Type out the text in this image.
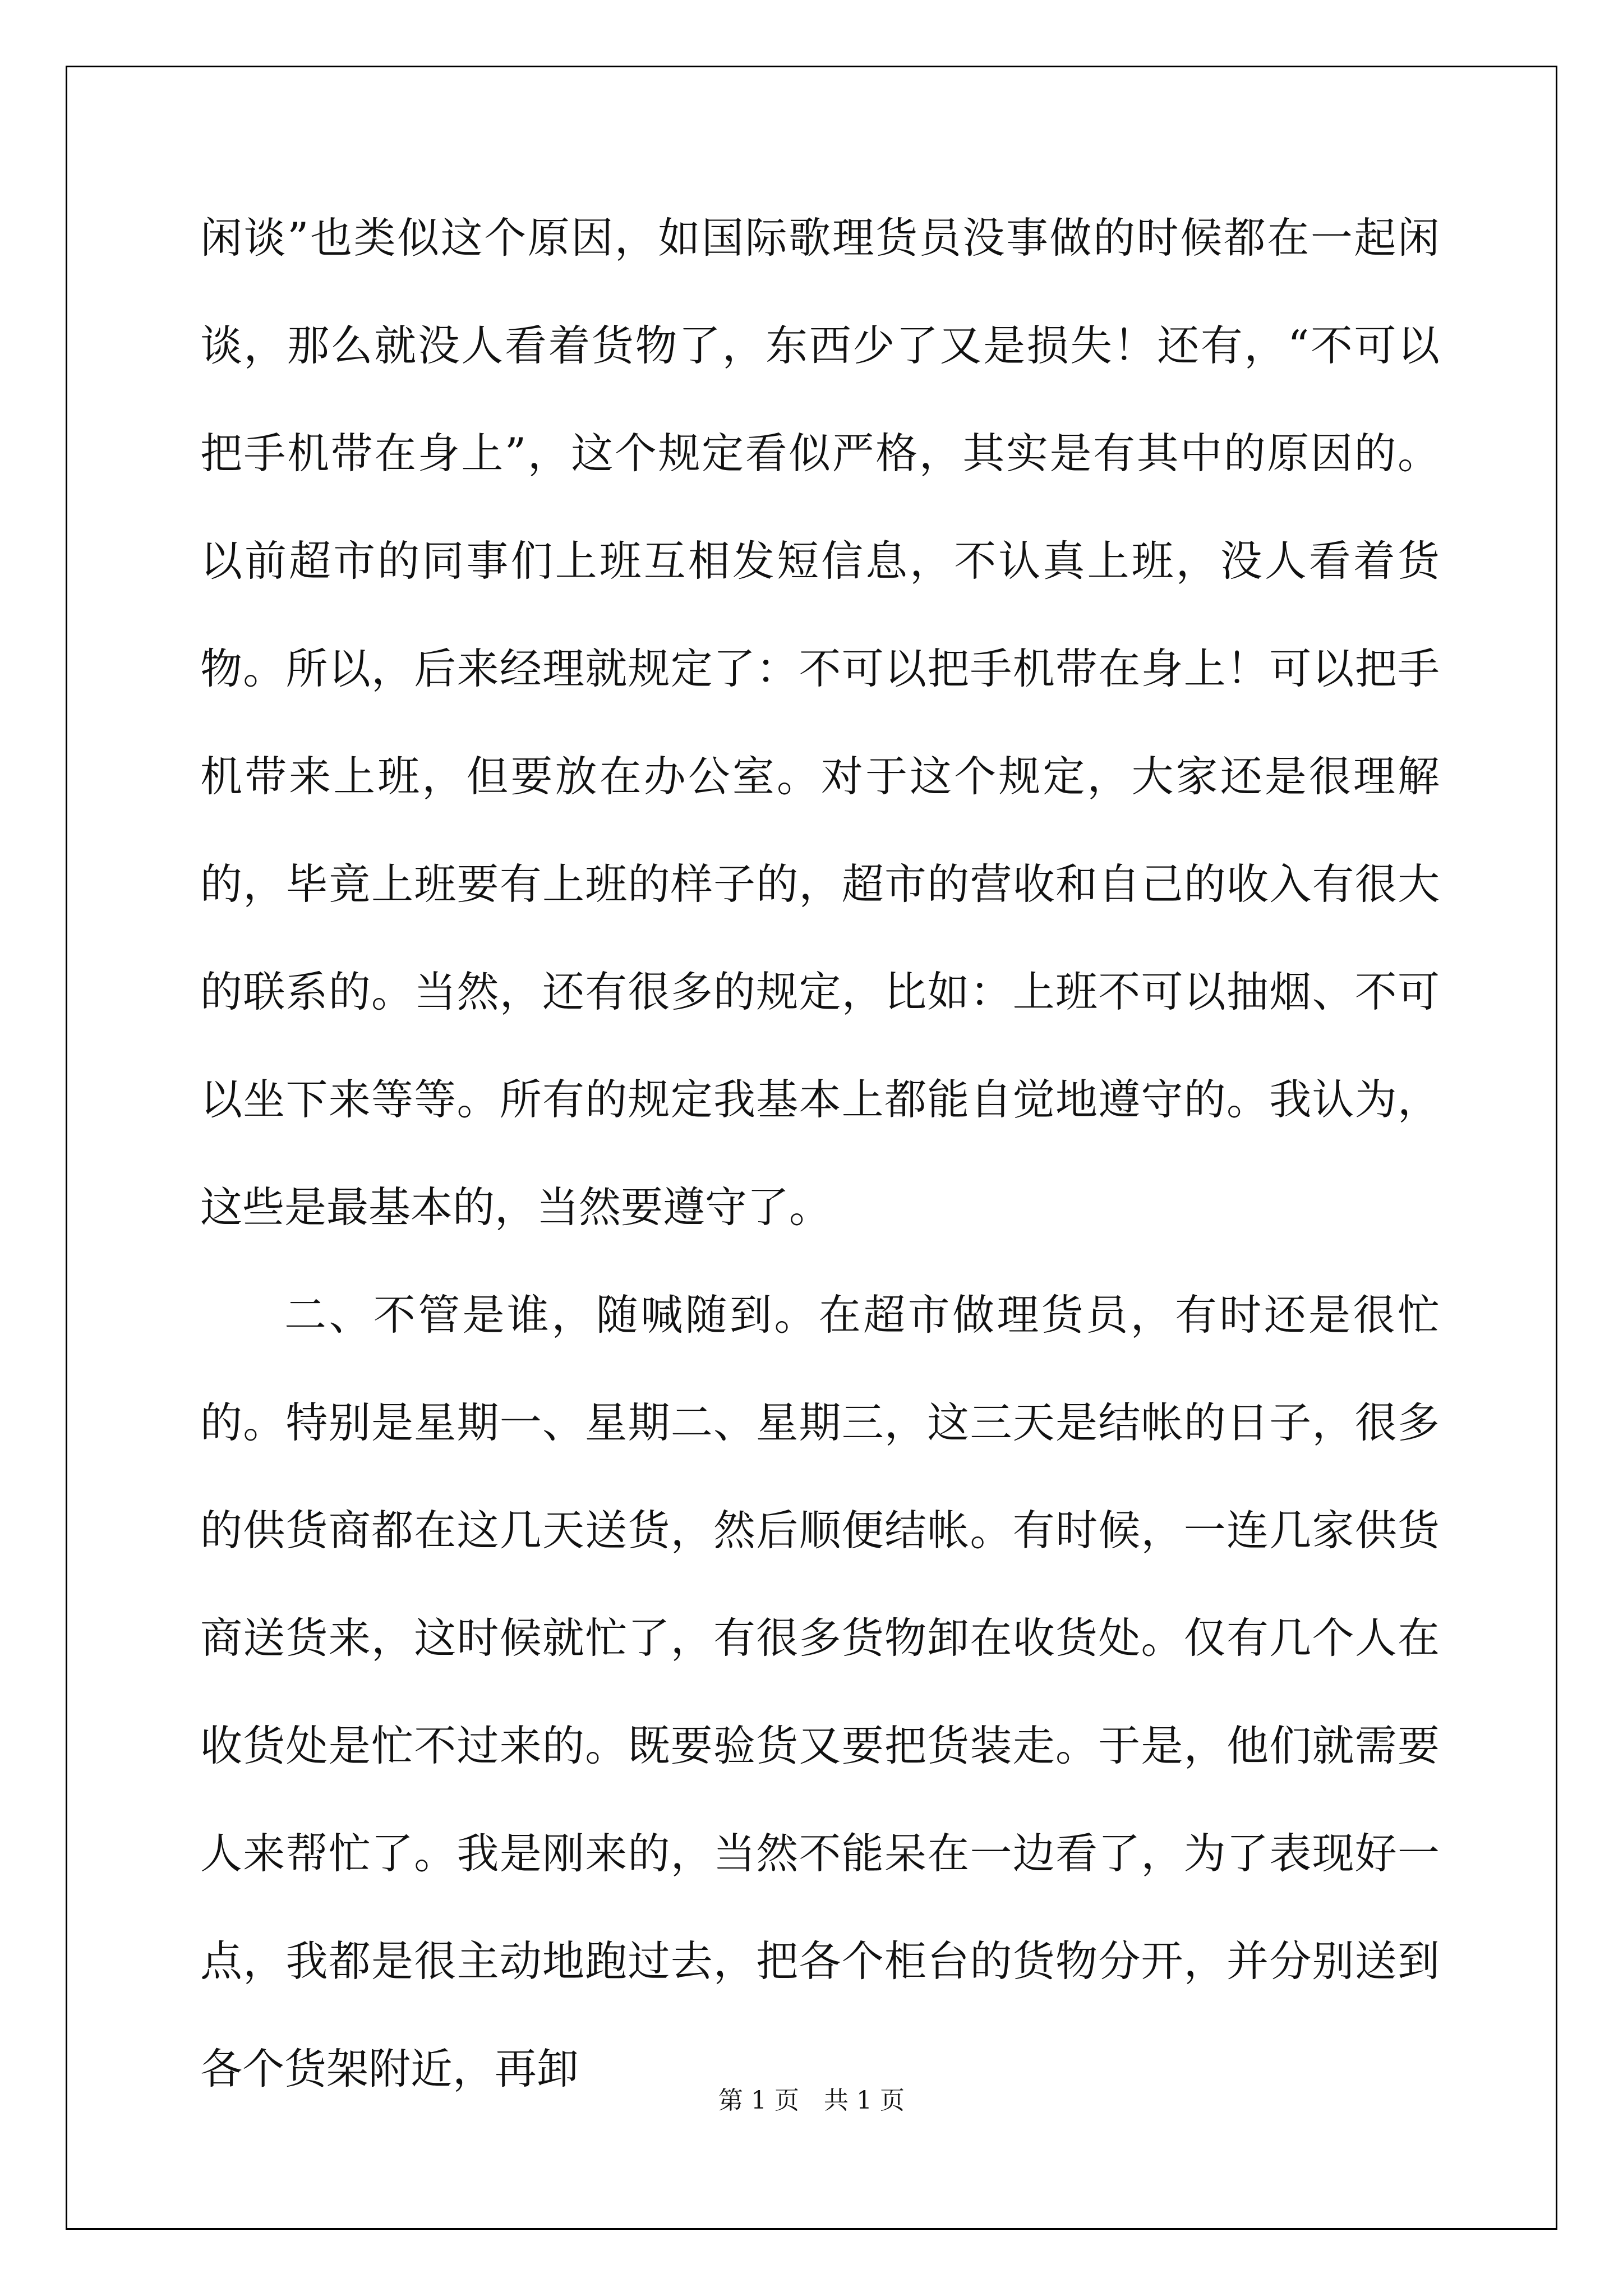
闲谈”也类似这个原因，如国际歌理货员没事做的时候都在一起闲谈，那么就没人看着货物了，东西少了又是损失！还有，“不可以把手机带在身上”，这个规定看似严格，其实是有其中的原因的。以前超市的同事们上班互相发短信息，不认真上班，没人看着货物。所以，后来经理就规定了：不可以把手机带在身上！可以把手机带来上班，但要放在办公室。对于这个规定，大家还是很理解的，毕竟上班要有上班的样子的，超市的营收和自己的收入有很大的联系的。当然，还有很多的规定，比如：上班不可以抽烟、不可以坐下来等等。所有的规定我基本上都能自觉地遵守的。我认为，这些是最基本的，当然要遵守了。

二、不管是谁，随喊随到。在超市做理货员，有时还是很忙的。特别是星期一、星期二、星期三，这三天是结帐的日子，很多的供货商都在这几天送货，然后顺便结帐。有时候，一连几家供货商送货来，这时候就忙了，有很多货物卸在收货处。仅有几个人在收货处是忙不过来的。既要验货又要把货装走。于是，他们就需要人来帮忙了。我是刚来的，当然不能呆在一边看了，为了表现好一点，我都是很主动地跑过去，把各个柜台的货物分开，并分别送到各个货架附近，再卸

第 1 页　共 1 页
